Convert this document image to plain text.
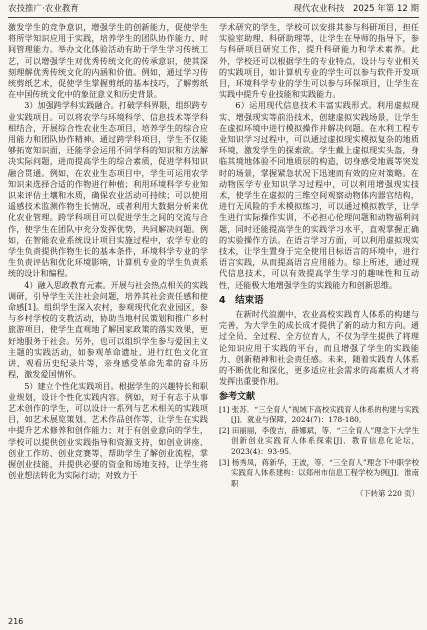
农技推广·农业教育	现代农业科技　2025 年第 12 期

激发学生的竞争意识，增强学生的创新能力，促使学生将所学知识应用于实践，培养学生的团队协作能力、时间管理能力。举办文化体验活动有助于学生学习传统工艺，可以增强学生对优秀传统文化的传承意识，使其深刻理解优秀传统文化的内涵和价值。例如，通过学习传统剪纸艺术，促使学生掌握剪纸的基本技巧，了解剪纸在中国传统文化中的象征意义和历史背景。

3）加强跨学科实践融合。打破学科界限，组织跨专业实践项目。可以将农学与环境科学、信息技术等学科相结合，开展综合性农业生态项目，培养学生的综合应用能力和团队协作精神。通过跨学科项目，学生不仅能够拓宽知识面，还能学会运用不同学科的知识和方法解决实际问题，进而提高学生的综合素质，促进学科知识融合贯通。例如，在农业生态项目中，学生可运用农学知识来选择合适的作物进行种植；利用环境科学专业知识来评估土壤和水质，确保农业活动可持续；可以使用遥感技术监测作物生长情况，或者利用大数据分析来优化农业管理。跨学科项目可以促进学生之间的交流与合作，使学生在团队中充分发挥优势，共同解决问题。例如，在智能农业系统设计项目实施过程中，农学专业的学生负责提供作物生长的基本条件，环境科学专业的学生负责评估和优化环境影响，计算机专业的学生负责系统的设计和编程。

4）融入思政教育元素。开展与社会热点相关的实践调研，引导学生关注社会问题，培养其社会责任感和使命感[1]。组织学生深入农村，参观现代化农业园区，参与乡村学校的支教活动，协助当地村民策划和推广乡村旅游项目，使学生直观地了解国家政策的落实效果，更好地服务于社会。另外，也可以组织学生参与爱国主义主题的实践活动，如参观革命遗址、进行红色文化宣讲、观看历史纪录片等，亲身感受革命先辈的奋斗历程，激发爱国情怀。

5）建立个性化实践项目。根据学生的兴趣特长和职业规划，设计个性化实践内容。例如，对于有志于从事艺术创作的学生，可以设计一系列与艺术相关的实践项目，如艺术展览策划、艺术作品创作等，让学生在实践中提升艺术修养和创作能力；对于有创业意向的学生，学校可以提供创业实践指导和资源支持，如创业讲座、创业工作坊、创业竞赛等，帮助学生了解创业流程，掌握创业技能，并提供必要的资金和场地支持，让学生将创业想法转化为实际行动；对致力于

学术研究的学生，学校可以安排其参与科研项目，担任实验室助理、科研助理等，让学生在导师的指导下，参与科研项目研究工作，提升科研能力和学术素养。此外，学校还可以根据学生的专业特点，设计与专业相关的实践项目，如计算机专业的学生可以参与软件开发项目，环境科学专业的学生可以参与环保项目，让学生在实践中提升专业技能和实践能力。

6）运用现代信息技术丰富实践形式。利用虚拟现实、增强现实等前沿技术，创建虚拟实践场景，让学生在虚拟环境中进行模拟操作并解决问题。在水利工程专业知识学习过程中，可以通过虚拟现实模拟复杂的地质环境，激发学生的探索欲。学生戴上虚拟现实头盔，身临其境地体验不同地质层的构造，切身感受地震等突发时的场景，掌握紧急状况下迅速而有效的应对策略。在动物医学专业知识学习过程中，可以利用增强现实技术，使学生在虚拟的三维空间观察动物体内器官结构，进行无风险的手术模拟练习，可以通过模拟教学，让学生进行实际操作实训，不必担心伦理问题和动物福利问题，同时还能提高学生的实践学习水平，直观掌握正确的实验操作方法。在语言学习方面，可以利用虚拟现实技术，让学生置身于完全使用目标语言的环境中，进行语言实践，从而提高语言应用能力。综上所述，通过现代信息技术，可以有效提高学生学习的趣味性和互动性，还能极大地增强学生的实践能力和创新思维。

4　结束语

在新时代浪潮中，农业高校实践育人体系的构建与完善，为大学生的成长成才提供了新的动力和方向。通过全员、全过程、全方位育人，不仅为学生提供了将理论知识应用于实践的平台，而且增强了学生的实践能力、创新精神和社会责任感。未来，随着实践育人体系的不断优化和深化，更多适应社会需求的高素质人才将发挥出重要作用。

参考文献
[1] 张苏．“三全育人”视域下高校实践育人体系的构建与实践[J]．就业与保障，2024(7)：178-180．
[2] 田丽丽，李俊吉，薛娜斌，等．“三全育人”理念下大学生创新创业实践育人体系探索[J]．教育信息化论坛，2023(4)：93-95．
[3] 杨秀凤，蒋新华，王波，等．“三全育人”理念下中职学校实践育人体系建构：以郑州市信息工程学校为例[J]．淮南职
（下转第 220 页）
216
